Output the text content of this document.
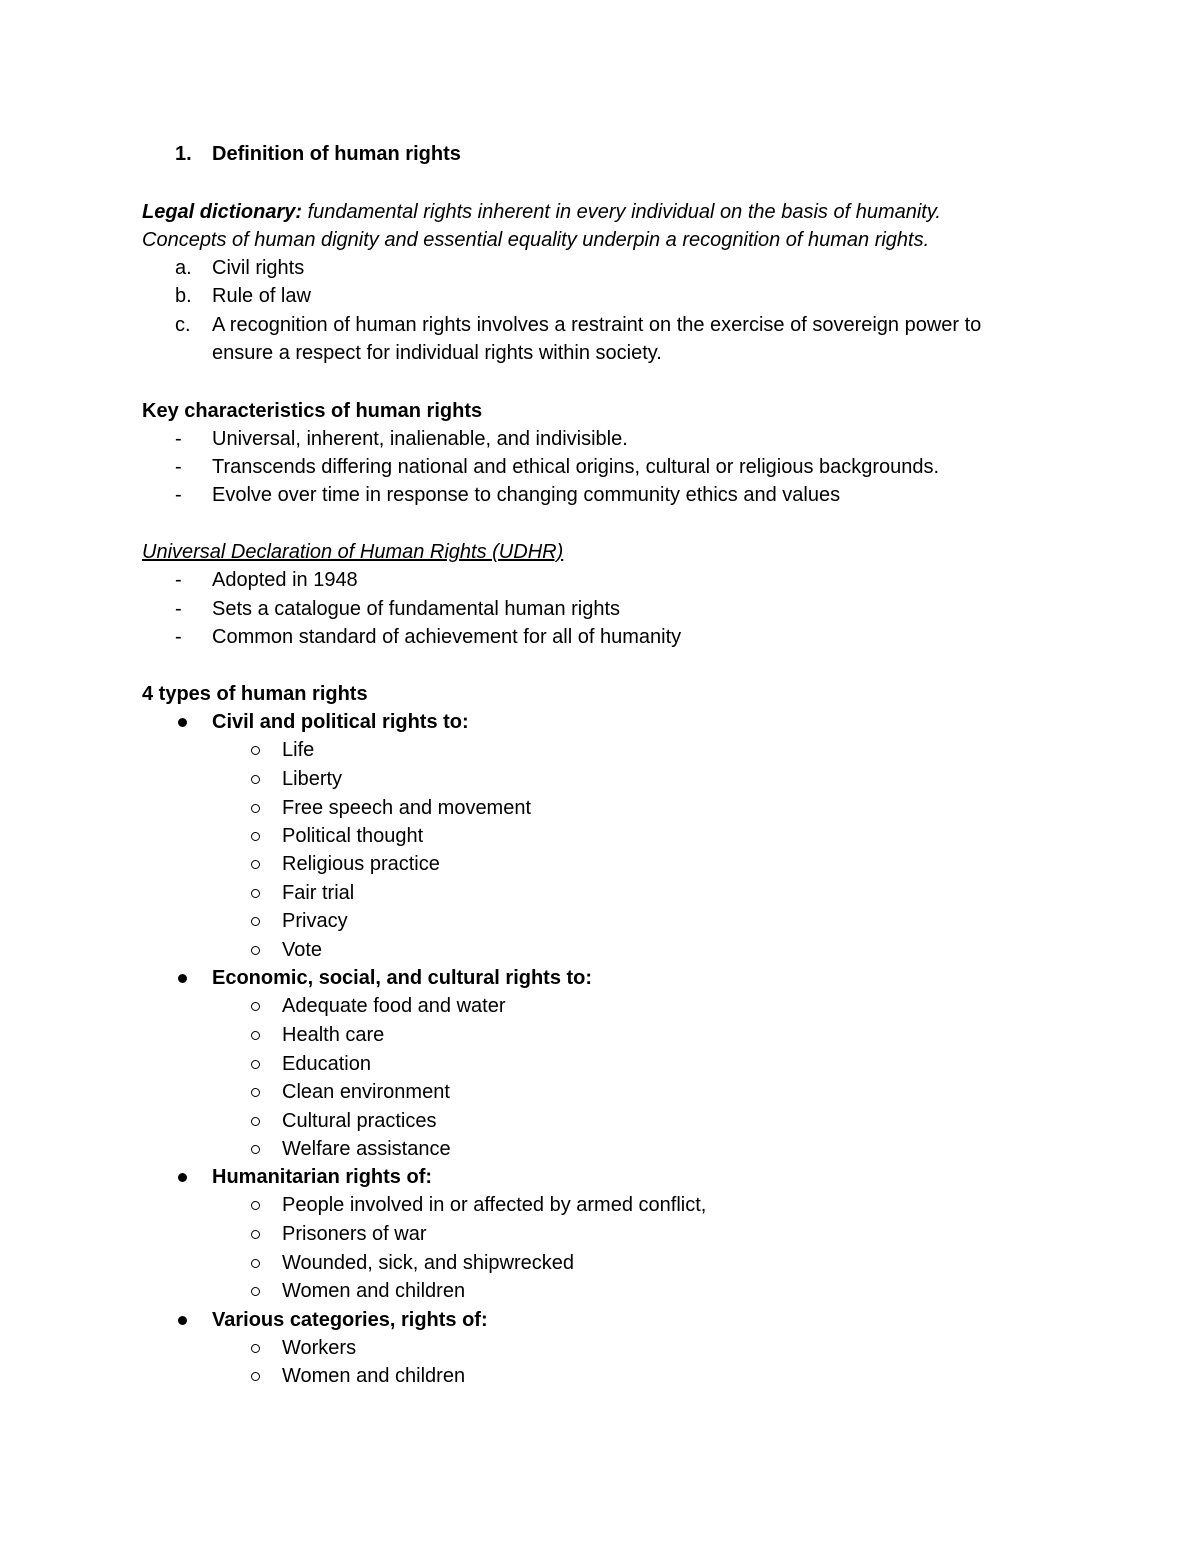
1. Definition of human rights
Legal dictionary: fundamental rights inherent in every individual on the basis of humanity.
Concepts of human dignity and essential equality underpin a recognition of human rights.
a. Civil rights
b. Rule of law
c. A recognition of human rights involves a restraint on the exercise of sovereign power to
ensure a respect for individual rights within society.
Key characteristics of human rights
- Universal, inherent, inalienable, and indivisible.
- Transcends differing national and ethical origins, cultural or religious backgrounds.
- Evolve over time in response to changing community ethics and values
Universal Declaration of Human Rights (UDHR)
- Adopted in 1948
- Sets a catalogue of fundamental human rights
- Common standard of achievement for all of humanity
4 types of human rights
Civil and political rights to:
Life
Liberty
Free speech and movement
Political thought
Religious practice
Fair trial
Privacy
Vote
Economic, social, and cultural rights to:
Adequate food and water
Health care
Education
Clean environment
Cultural practices
Welfare assistance
Humanitarian rights of:
People involved in or affected by armed conflict,
Prisoners of war
Wounded, sick, and shipwrecked
Women and children
Various categories, rights of:
Workers
Women and children
